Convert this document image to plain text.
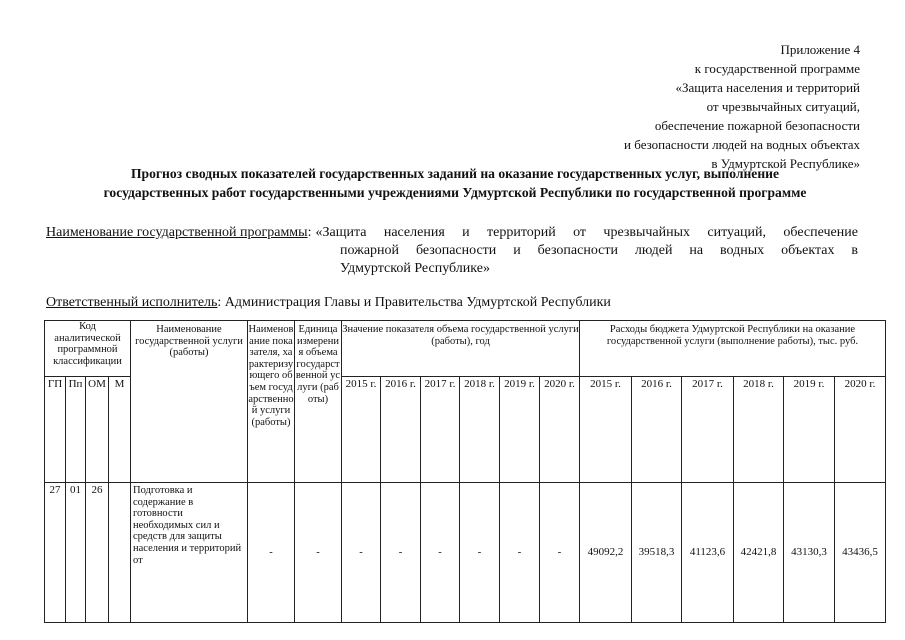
Приложение 4
к государственной программе
«Защита населения и территорий
от чрезвычайных ситуаций,
обеспечение пожарной безопасности
и безопасности людей на водных объектах
в Удмуртской Республике»
Прогноз сводных показателей государственных заданий на оказание государственных услуг, выполнение
государственных работ государственными учреждениями Удмуртской Республики по государственной программе
Наименование государственной программы: «Защита населения и территорий от чрезвычайных ситуаций, обеспечение
пожарной безопасности и безопасности людей на водных объектах в
Удмуртской Республике»
Ответственный исполнитель: Администрация Главы и Правительства Удмуртской Республики
Код аналитической программной классификации				Наименование государственной услуги (работы)	Наименование показателя, характеризующего объем государственной услуги (работы)	Единица измерения объема государственной услуги (работы)	Значение показателя объема государственной услуги (работы), год						Расходы бюджета Удмуртской Республики на оказание государственной услуги (выполнение работы), тыс. руб.					
ГП	Пп	ОМ	М				2015 г.	2016 г.	2017 г.	2018 г.	2019 г.	2020 г.	2015 г.	2016 г.	2017 г.	2018 г.	2019 г.	2020 г.
27	01	26		Подготовка и содержание в готовности необходимых сил и средств для защиты населения и территорий от	-	-	-	-	-	-	-	-	49092,2	39518,3	41123,6	42421,8	43130,3	43436,5
